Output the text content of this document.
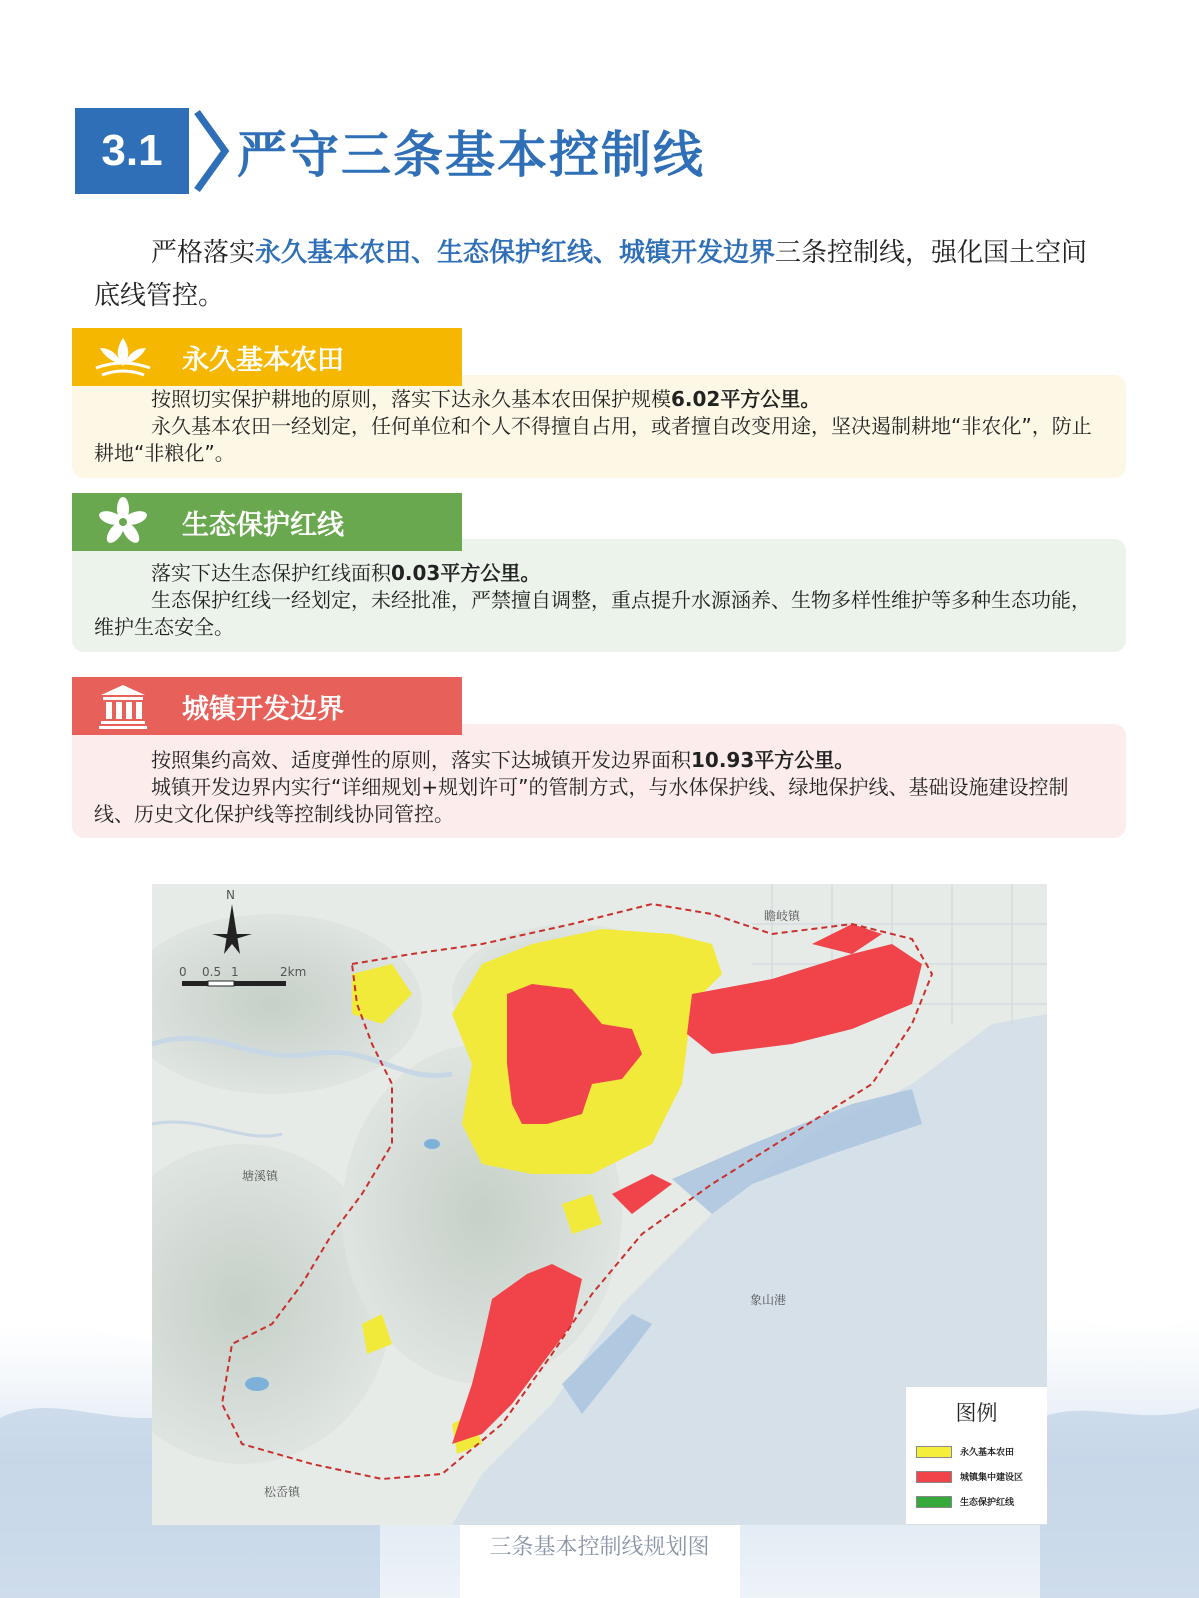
3.1	严守三条基本控制线
严格落实永久基本农田、生态保护红线、城镇开发边界三条控制线，强化国土空间底线管控。

按照切实保护耕地的原则，落实下达永久基本农田保护规模6.02平方公里。

永久基本农田一经划定，任何单位和个人不得擅自占用，或者擅自改变用途，坚决遏制耕地“非农化”，防止耕地“非粮化”。

永久基本农田

落实下达生态保护红线面积0.03平方公里。

生态保护红线一经划定，未经批准，严禁擅自调整，重点提升水源涵养、生物多样性维护等多种生态功能，维护生态安全。

生态保护红线

按照集约高效、适度弹性的原则，落实下达城镇开发边界面积10.93平方公里。

城镇开发边界内实行“详细规划+规划许可”的管制方式，与水体保护线、绿地保护线、基础设施建设控制线、历史文化保护线等控制线协同管控。

城镇开发边界
N
0 0.5 1	2km
瞻岐镇
塘溪镇
象山港
松岙镇
图例
永久基本农田
城镇集中建设区
生态保护红线
三条基本控制线规划图
